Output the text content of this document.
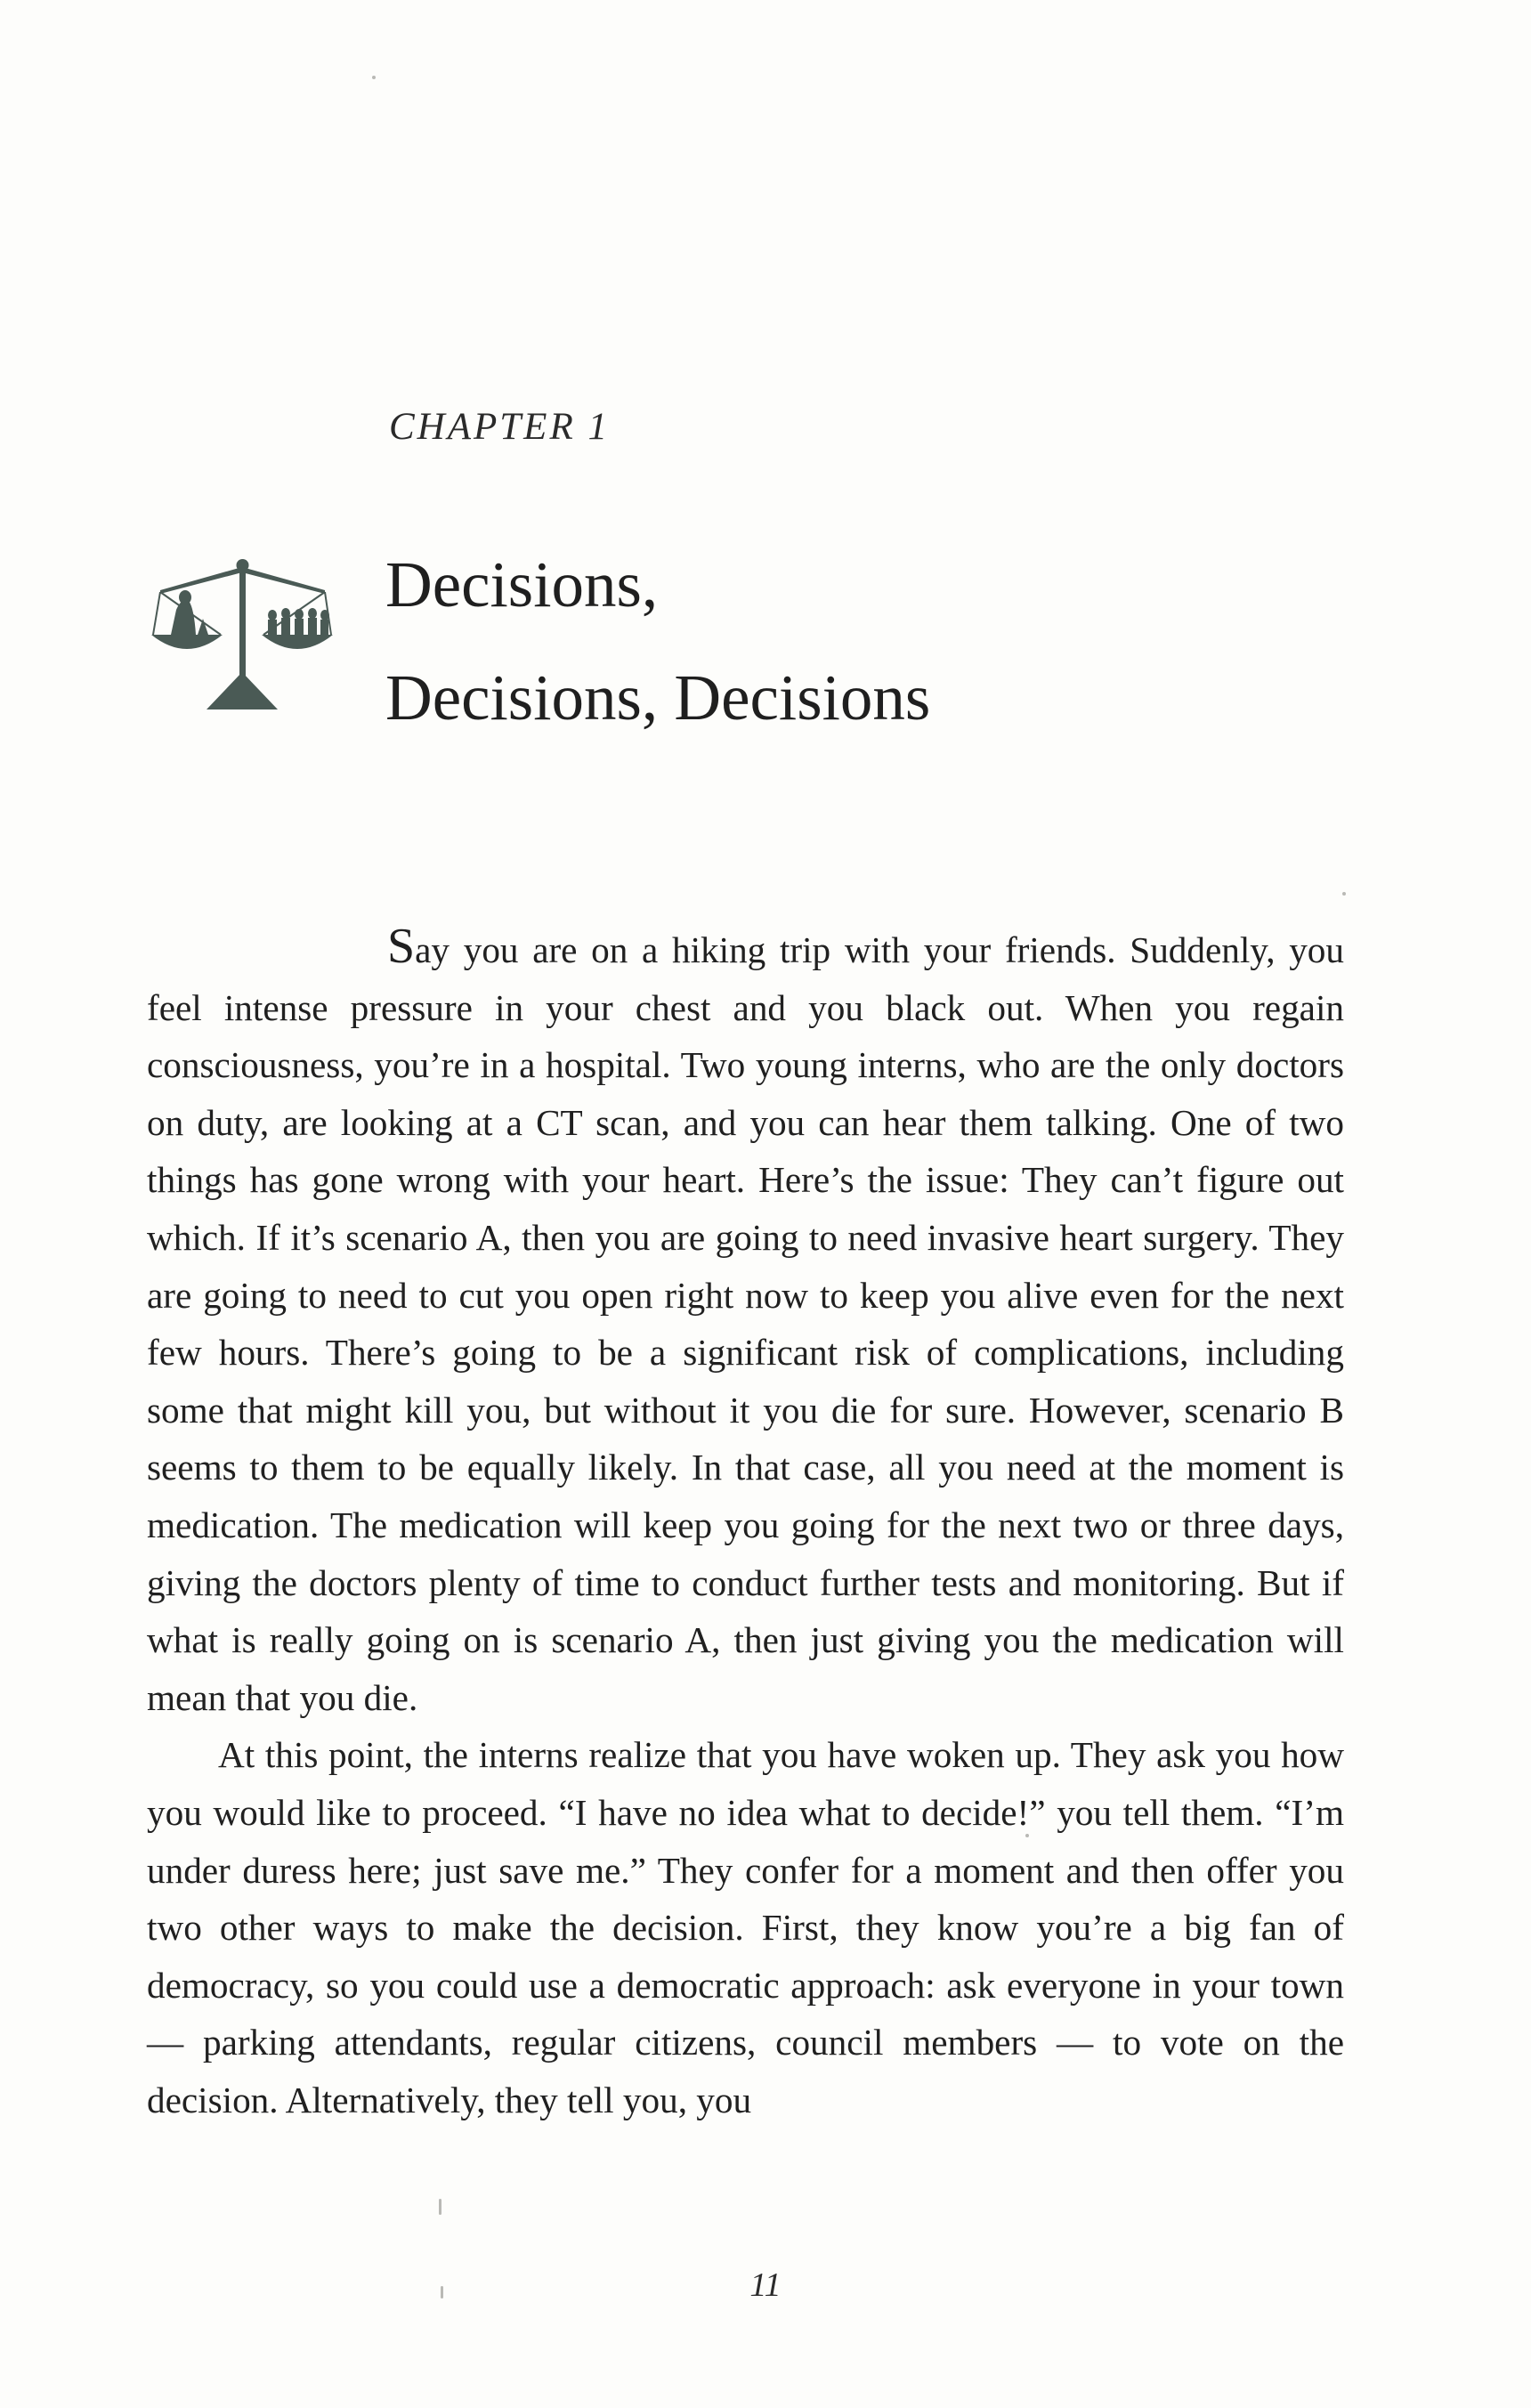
CHAPTER 1
Decisions,
Decisions, Decisions

Say you are on a hiking trip with your friends. Suddenly, you feel intense pressure in your chest and you black out. When you regain consciousness, you’re in a hospital. Two young interns, who are the only doctors on duty, are looking at a CT scan, and you can hear them talking. One of two things has gone wrong with your heart. Here’s the issue: They can’t figure out which. If it’s scenario A, then you are going to need invasive heart surgery. They are going to need to cut you open right now to keep you alive even for the next few hours. There’s going to be a significant risk of complications, including some that might kill you, but without it you die for sure. However, scenario B seems to them to be equally likely. In that case, all you need at the moment is medication. The medication will keep you going for the next two or three days, giving the doctors plenty of time to conduct further tests and monitoring. But if what is really going on is scenario A, then just giving you the medication will mean that you die.

At this point, the interns realize that you have woken up. They ask you how you would like to proceed. “I have no idea what to decide!” you tell them. “I’m under duress here; just save me.” They confer for a moment and then offer you two other ways to make the decision. First, they know you’re a big fan of democracy, so you could use a democratic approach: ask everyone in your town — parking attendants, regular citizens, council members — to vote on the decision. Alternatively, they tell you, you

11
